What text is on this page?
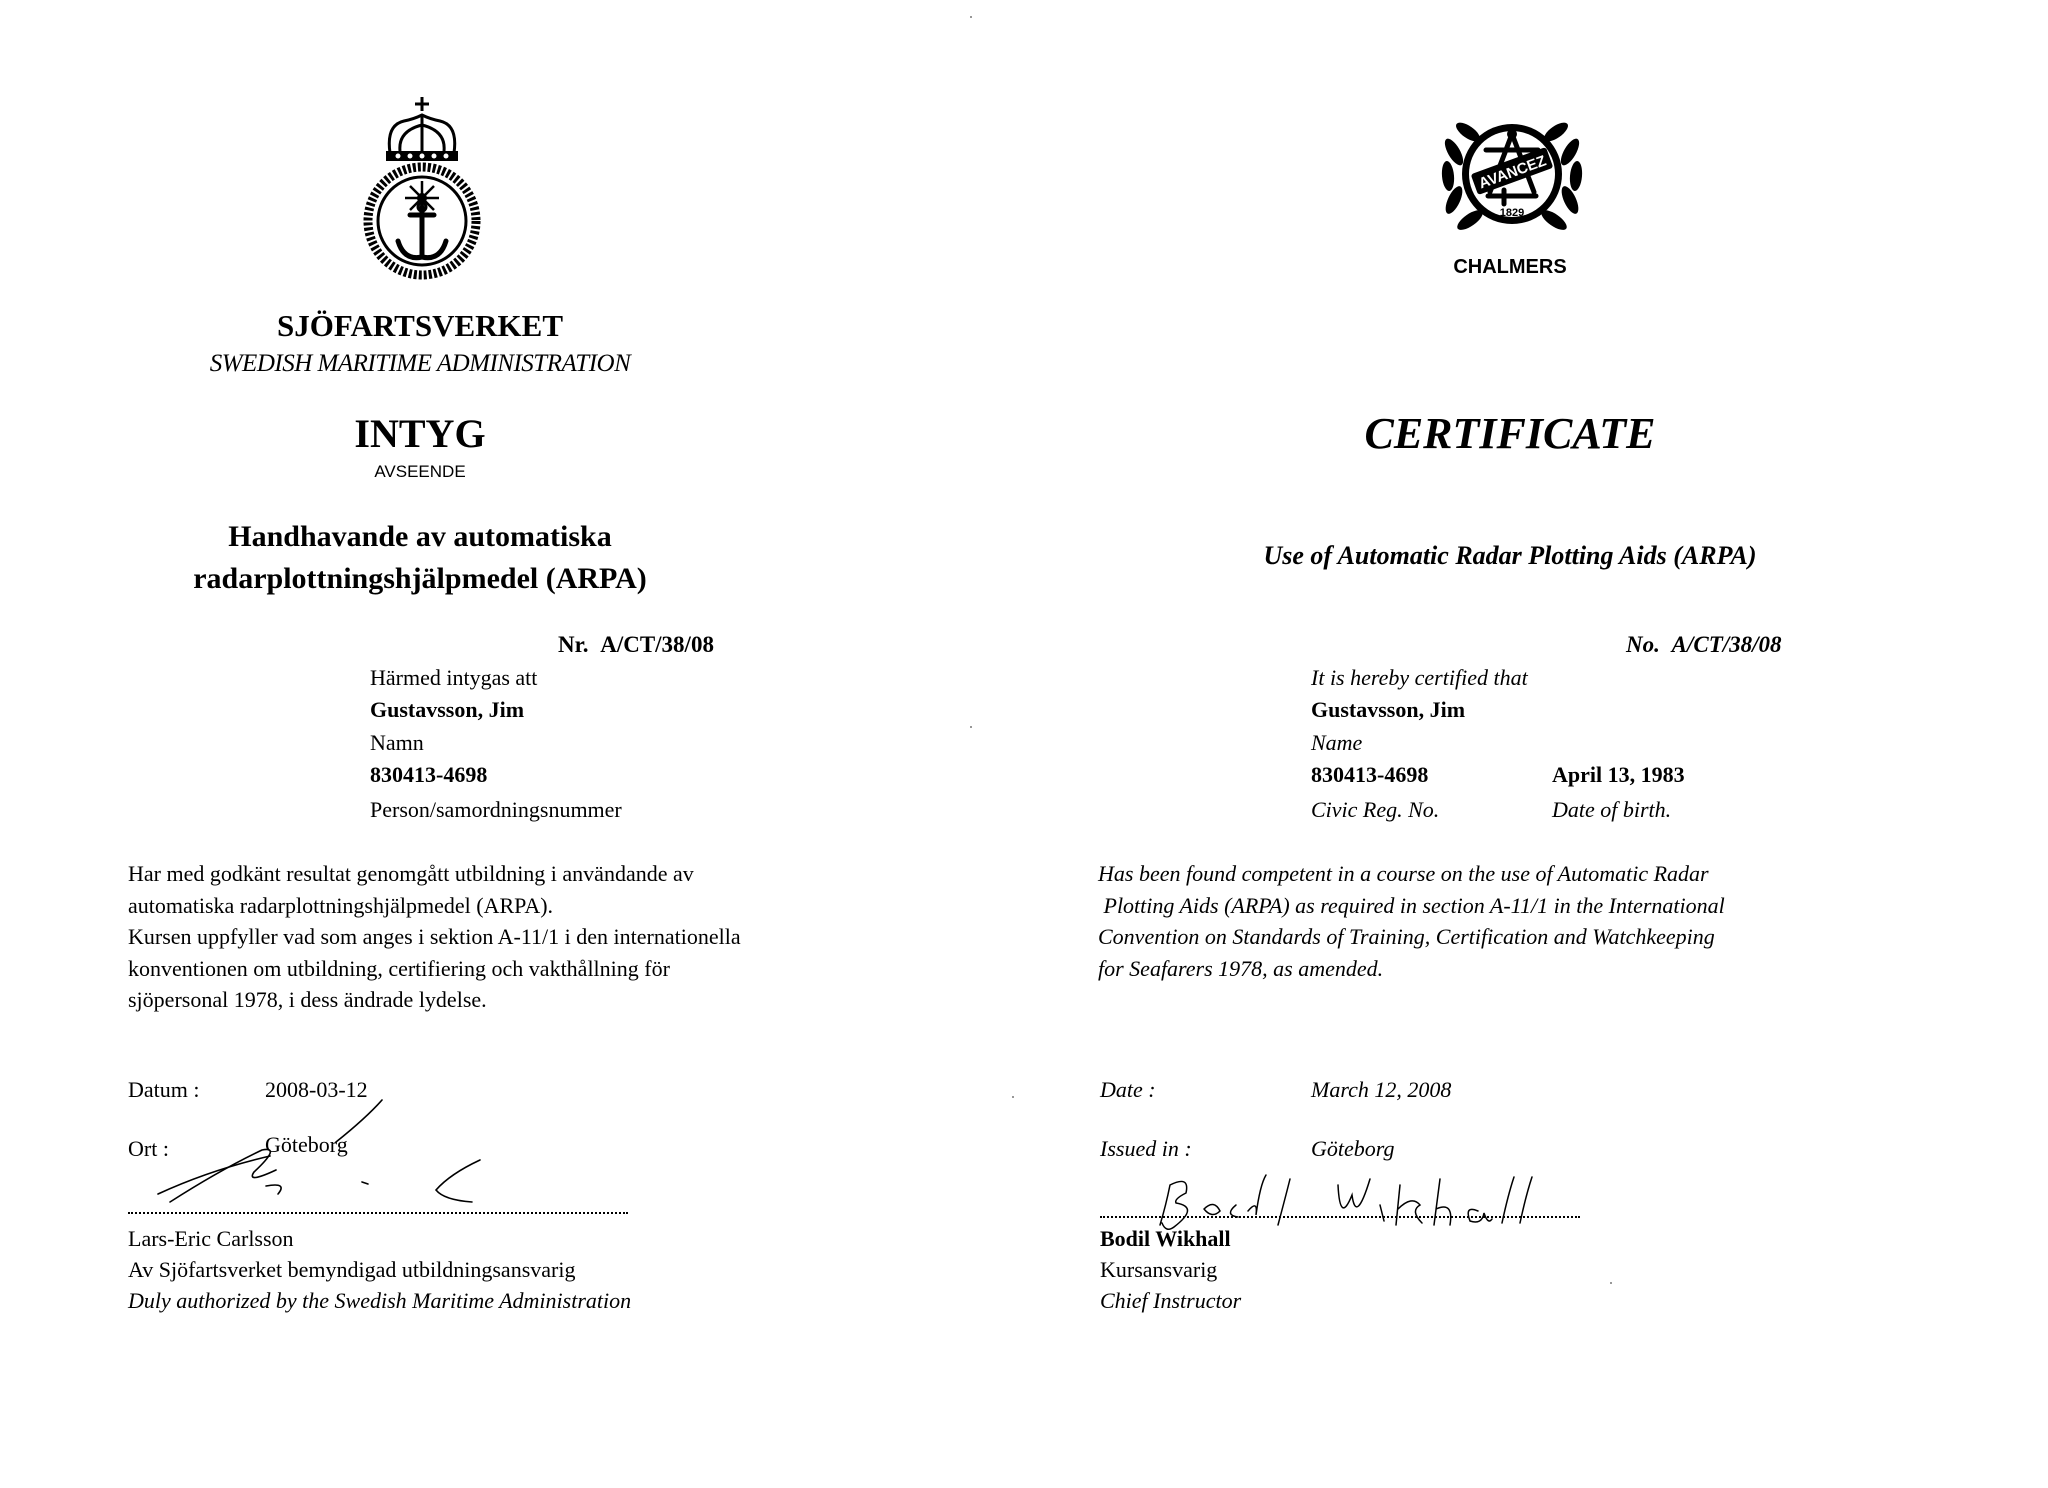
SJÖFARTSVERKET
SWEDISH MARITIME ADMINISTRATION
INTYG
AVSEENDE
Handhavande av automatiska
radarplottningshjälpmedel (ARPA)
Nr. A/CT/38/08
Härmed intygas att
Gustavsson, Jim
Namn
830413-4698
Person/samordningsnummer
Har med godkänt resultat genomgått utbildning i användande av
automatiska radarplottningshjälpmedel (ARPA).
Kursen uppfyller vad som anges i sektion A-11/1 i den internationella
konventionen om utbildning, certifiering och vakthållning för
sjöpersonal 1978, i dess ändrade lydelse.
Datum :	2008-03-12
Ort :	Göteborg
Lars-Eric Carlsson
Av Sjöfartsverket bemyndigad utbildningsansvarig
Duly authorized by the Swedish Maritime Administration
AVANCEZ
1829
CHALMERS
CERTIFICATE
Use of Automatic Radar Plotting Aids (ARPA)
No. A/CT/38/08
It is hereby certified that
Gustavsson, Jim
Name
830413-4698	April 13, 1983
Civic Reg. No.	Date of birth.
Has been found competent in a course on the use of Automatic Radar
Plotting Aids (ARPA) as required in section A-11/1 in the International
Convention on Standards of Training, Certification and Watchkeeping
for Seafarers 1978, as amended.
Date :	March 12, 2008
Issued in :	Göteborg
Bodil Wikhall
Kursansvarig
Chief Instructor
